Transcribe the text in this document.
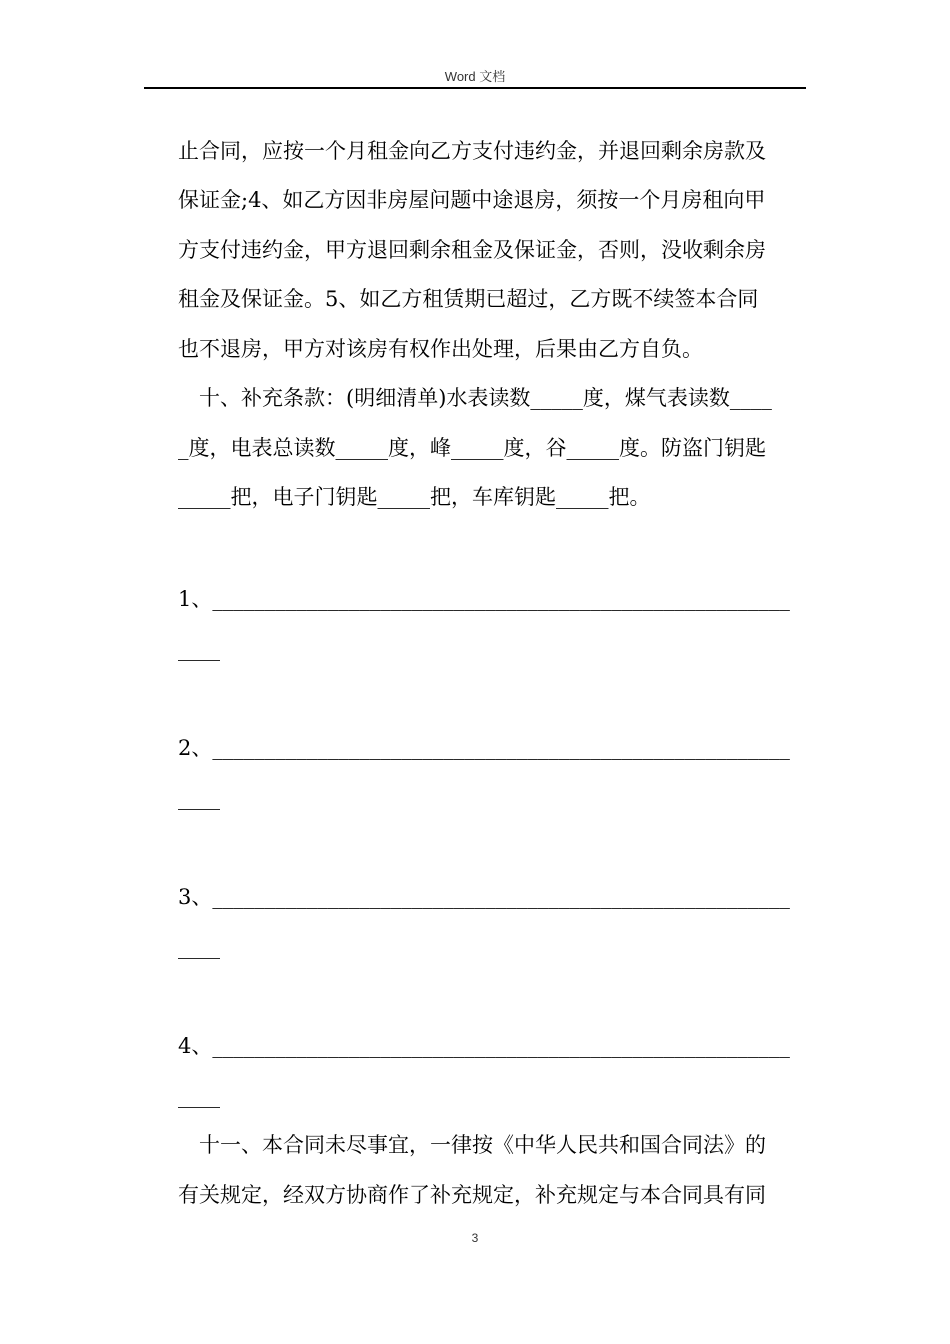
Word 文档
止合同，应按一个月租金向乙方支付违约金，并退回剩余房款及
保证金;4、如乙方因非房屋问题中途退房，须按一个月房租向甲
方支付违约金，甲方退回剩余租金及保证金，否则，没收剩余房
租金及保证金。5、如乙方租赁期已超过，乙方既不续签本合同
也不退房，甲方对该房有权作出处理，后果由乙方自负。
　十、补充条款：(明细清单)水表读数_____度，煤气表读数____
_度，电表总读数_____度，峰_____度，谷_____度。防盗门钥匙
_____把，电子门钥匙_____把，车库钥匙_____把。
1、_______________________________________________________
____
2、_______________________________________________________
____
3、_______________________________________________________
____
4、_______________________________________________________
____
　十一、本合同未尽事宜，一律按《中华人民共和国合同法》的
有关规定，经双方协商作了补充规定，补充规定与本合同具有同
3
